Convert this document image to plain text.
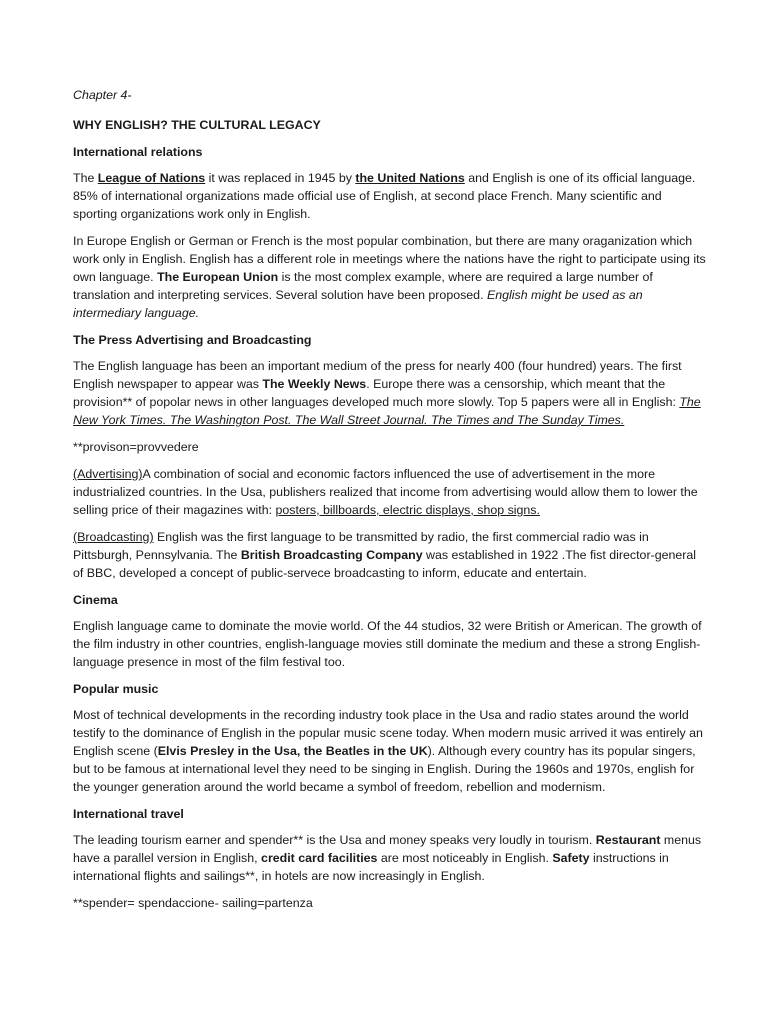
Chapter 4-

WHY ENGLISH? THE CULTURAL LEGACY

International relations

The League of Nations it was replaced in 1945 by the United Nations and English is one of its official language. 85% of international organizations made official use of English, at second place French. Many scientific and sporting organizations work only in English.

In Europe English or German or French is the most popular combination, but there are many oraganization which work only in English. English has a different role in meetings where the nations have the right to participate using its own language. The European Union is the most complex example, where are required a large number of translation and interpreting services. Several solution have been proposed. English might be used as an intermediary language.

The Press Advertising and Broadcasting

The English language has been an important medium of the press for nearly 400 (four hundred) years. The first English newspaper to appear was The Weekly News. Europe there was a censorship, which meant that the provision** of popolar news in other languages developed much more slowly. Top 5 papers were all in English: The New York Times. The Washington Post. The Wall Street Journal. The Times and The Sunday Times.

**provison=provvedere

(Advertising)A combination of social and economic factors influenced the use of advertisement in the more industrialized countries. In the Usa, publishers realized that income from advertising would allow them to lower the selling price of their magazines with: posters, billboards, electric displays, shop signs.

(Broadcasting) English was the first language to be transmitted by radio, the first commercial radio was in Pittsburgh, Pennsylvania. The British Broadcasting Company was established in 1922 .The fist director-general of BBC, developed a concept of public-servece broadcasting to inform, educate and entertain.

Cinema

English language came to dominate the movie world. Of the 44 studios, 32 were British or American. The growth of the film industry in other countries, english-language movies still dominate the medium and these a strong English-language presence in most of the film festival too.

Popular music

Most of technical developments in the recording industry took place in the Usa and radio states around the world testify to the dominance of English in the popular music scene today. When modern music arrived it was entirely an English scene (Elvis Presley in the Usa, the Beatles in the UK). Although every country has its popular singers, but to be famous at international level they need to be singing in English. During the 1960s and 1970s, english for the younger generation around the world became a symbol of freedom, rebellion and modernism.

International travel

The leading tourism earner and spender** is the Usa and money speaks very loudly in tourism. Restaurant menus have a parallel version in English, credit card facilities are most noticeably in English. Safety instructions in international flights and sailings**, in hotels are now increasingly in English.

**spender= spendaccione- sailing=partenza
